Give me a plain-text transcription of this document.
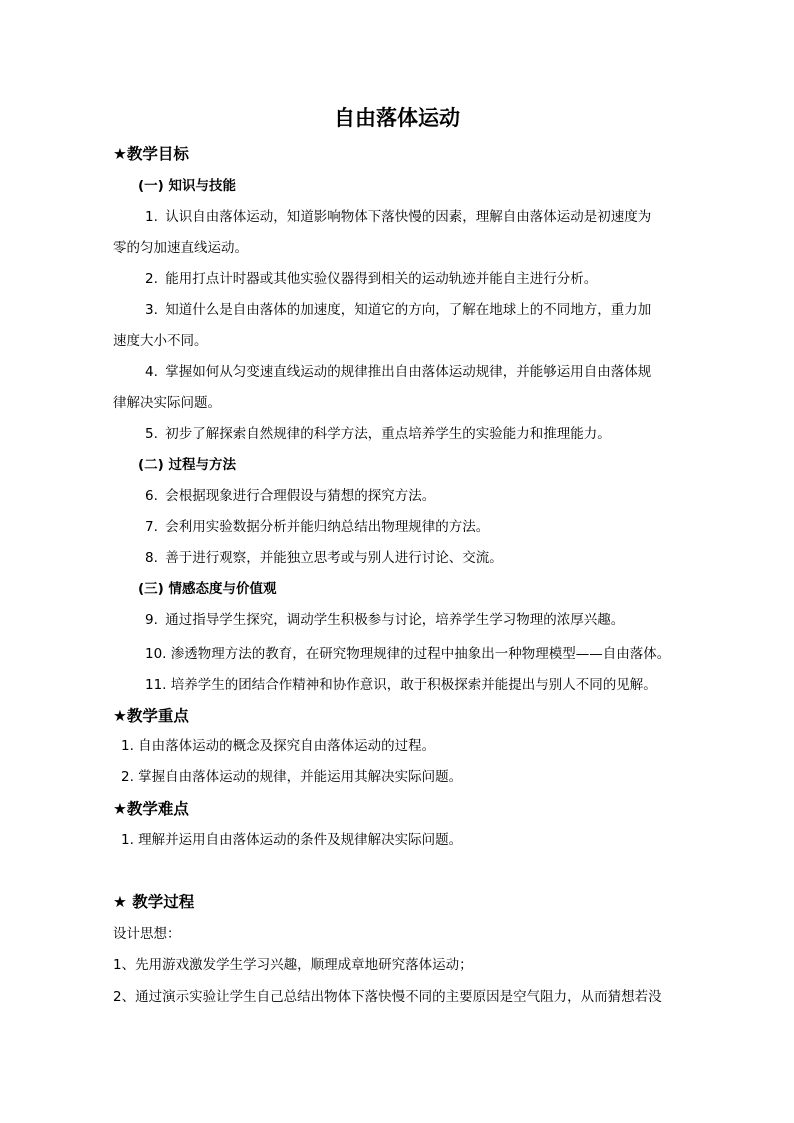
自由落体运动
★教学目标
(一) 知识与技能
1. 认识自由落体运动，知道影响物体下落快慢的因素，理解自由落体运动是初速度为
零的匀加速直线运动。
2. 能用打点计时器或其他实验仪器得到相关的运动轨迹并能自主进行分析。
3. 知道什么是自由落体的加速度，知道它的方向，了解在地球上的不同地方，重力加
速度大小不同。
4. 掌握如何从匀变速直线运动的规律推出自由落体运动规律，并能够运用自由落体规
律解决实际问题。
5. 初步了解探索自然规律的科学方法，重点培养学生的实验能力和推理能力。
(二) 过程与方法
6. 会根据现象进行合理假设与猜想的探究方法。
7. 会利用实验数据分析并能归纳总结出物理规律的方法。
8. 善于进行观察，并能独立思考或与别人进行讨论、交流。
(三) 情感态度与价值观
9. 通过指导学生探究，调动学生积极参与讨论，培养学生学习物理的浓厚兴趣。
10. 渗透物理方法的教育，在研究物理规律的过程中抽象出一种物理模型——自由落体。
11. 培养学生的团结合作精神和协作意识，敢于积极探索并能提出与别人不同的见解。
★教学重点
1. 自由落体运动的概念及探究自由落体运动的过程。
2. 掌握自由落体运动的规律，并能运用其解决实际问题。
★教学难点
1. 理解并运用自由落体运动的条件及规律解决实际问题。
★ 教学过程
设计思想：
1、先用游戏激发学生学习兴趣，顺理成章地研究落体运动；
2、通过演示实验让学生自己总结出物体下落快慢不同的主要原因是空气阻力，从而猜想若没
